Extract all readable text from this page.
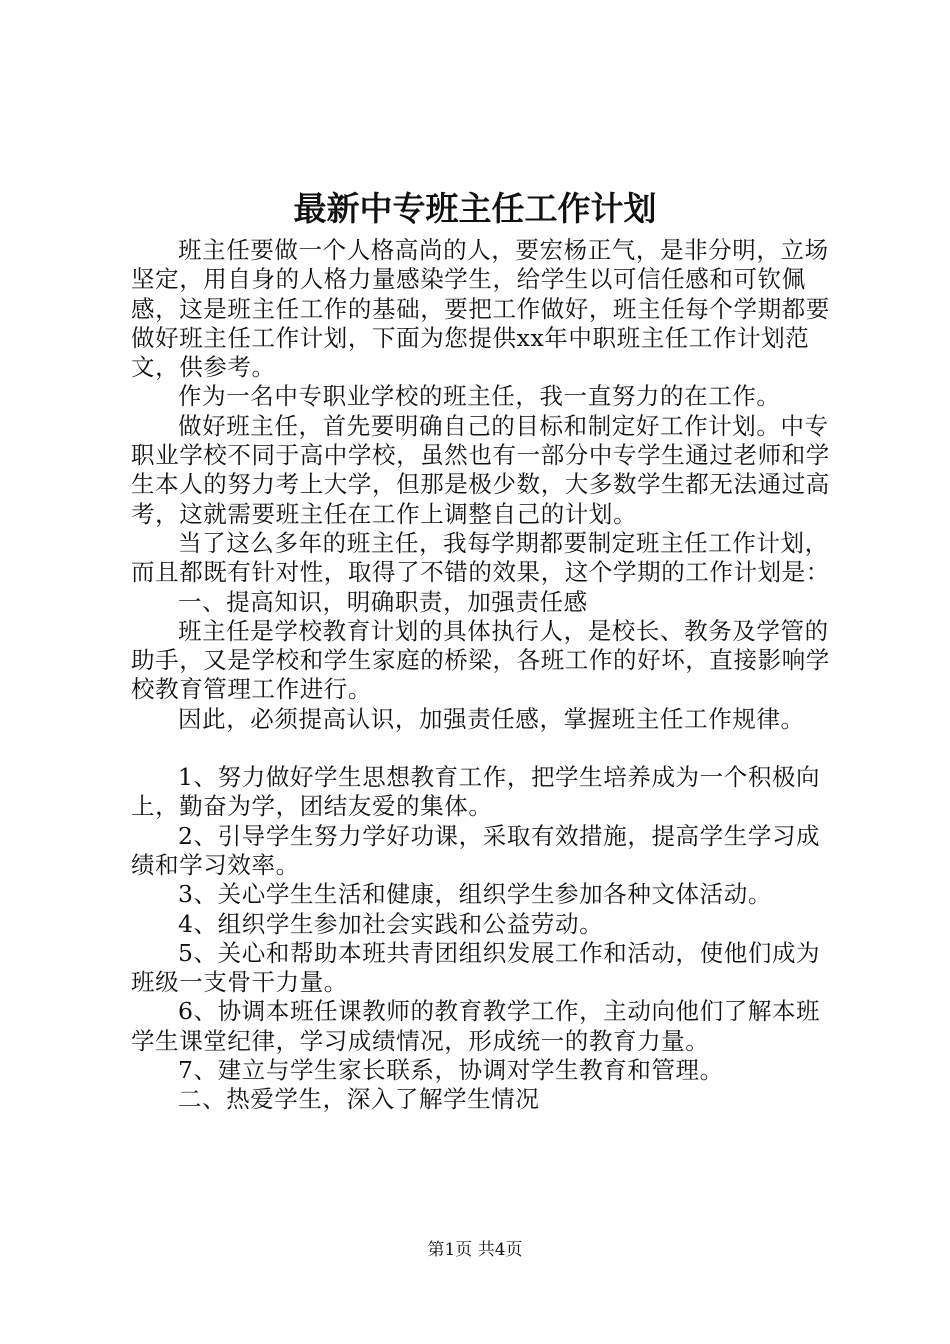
最新中专班主任工作计划

班主任要做一个人格高尚的人，要宏杨正气，是非分明，立场坚定，用自身的人格力量感染学生，给学生以可信任感和可钦佩感，这是班主任工作的基础，要把工作做好，班主任每个学期都要做好班主任工作计划，下面为您提供xx年中职班主任工作计划范文，供参考。

作为一名中专职业学校的班主任，我一直努力的在工作。

做好班主任，首先要明确自己的目标和制定好工作计划。中专职业学校不同于高中学校，虽然也有一部分中专学生通过老师和学生本人的努力考上大学，但那是极少数，大多数学生都无法通过高考，这就需要班主任在工作上调整自己的计划。

当了这么多年的班主任，我每学期都要制定班主任工作计划，而且都既有针对性，取得了不错的效果，这个学期的工作计划是：

一、提高知识，明确职责，加强责任感

班主任是学校教育计划的具体执行人，是校长、教务及学管的助手，又是学校和学生家庭的桥梁，各班工作的好坏，直接影响学校教育管理工作进行。

因此，必须提高认识，加强责任感，掌握班主任工作规律。

1、努力做好学生思想教育工作，把学生培养成为一个积极向上，勤奋为学，团结友爱的集体。

2、引导学生努力学好功课，采取有效措施，提高学生学习成绩和学习效率。

3、关心学生生活和健康，组织学生参加各种文体活动。

4、组织学生参加社会实践和公益劳动。

5、关心和帮助本班共青团组织发展工作和活动，使他们成为班级一支骨干力量。

6、协调本班任课教师的教育教学工作，主动向他们了解本班学生课堂纪律，学习成绩情况，形成统一的教育力量。

7、建立与学生家长联系，协调对学生教育和管理。

二、热爱学生，深入了解学生情况

第1页 共4页
